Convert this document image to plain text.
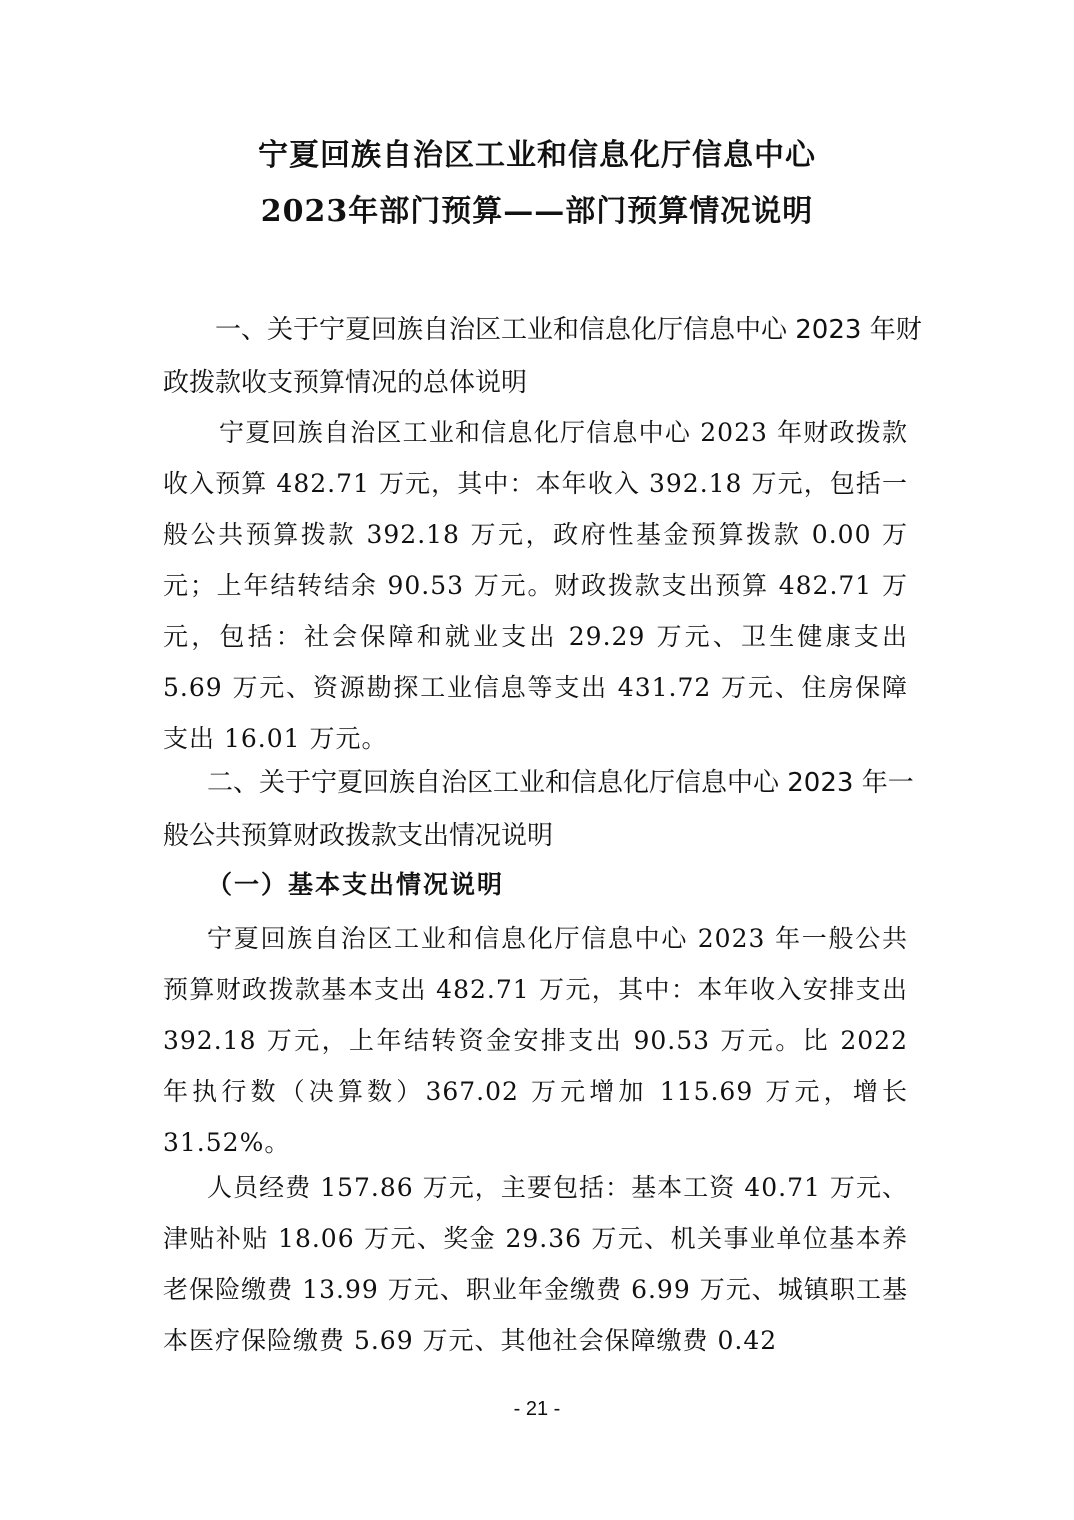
宁夏回族自治区工业和信息化厅信息中心
2023年部门预算——部门预算情况说明

一、关于宁夏回族自治区工业和信息化厅信息中心 2023 年财政拨款收支预算情况的总体说明

宁夏回族自治区工业和信息化厅信息中心 2023 年财政拨款收入预算 482.71 万元，其中：本年收入 392.18 万元，包括一般公共预算拨款 392.18 万元，政府性基金预算拨款 0.00 万元；上年结转结余 90.53 万元。财政拨款支出预算 482.71 万元，包括：社会保障和就业支出 29.29 万元、卫生健康支出 5.69 万元、资源勘探工业信息等支出 431.72 万元、住房保障支出 16.01 万元。

二、关于宁夏回族自治区工业和信息化厅信息中心 2023 年一般公共预算财政拨款支出情况说明

（一）基本支出情况说明

宁夏回族自治区工业和信息化厅信息中心 2023 年一般公共预算财政拨款基本支出 482.71 万元，其中：本年收入安排支出 392.18 万元，上年结转资金安排支出 90.53 万元。比 2022 年执行数（决算数）367.02 万元增加 115.69 万元，增长 31.52%。

人员经费 157.86 万元，主要包括：基本工资 40.71 万元、津贴补贴 18.06 万元、奖金 29.36 万元、机关事业单位基本养老保险缴费 13.99 万元、职业年金缴费 6.99 万元、城镇职工基本医疗保险缴费 5.69 万元、其他社会保障缴费 0.42

- 21 -
